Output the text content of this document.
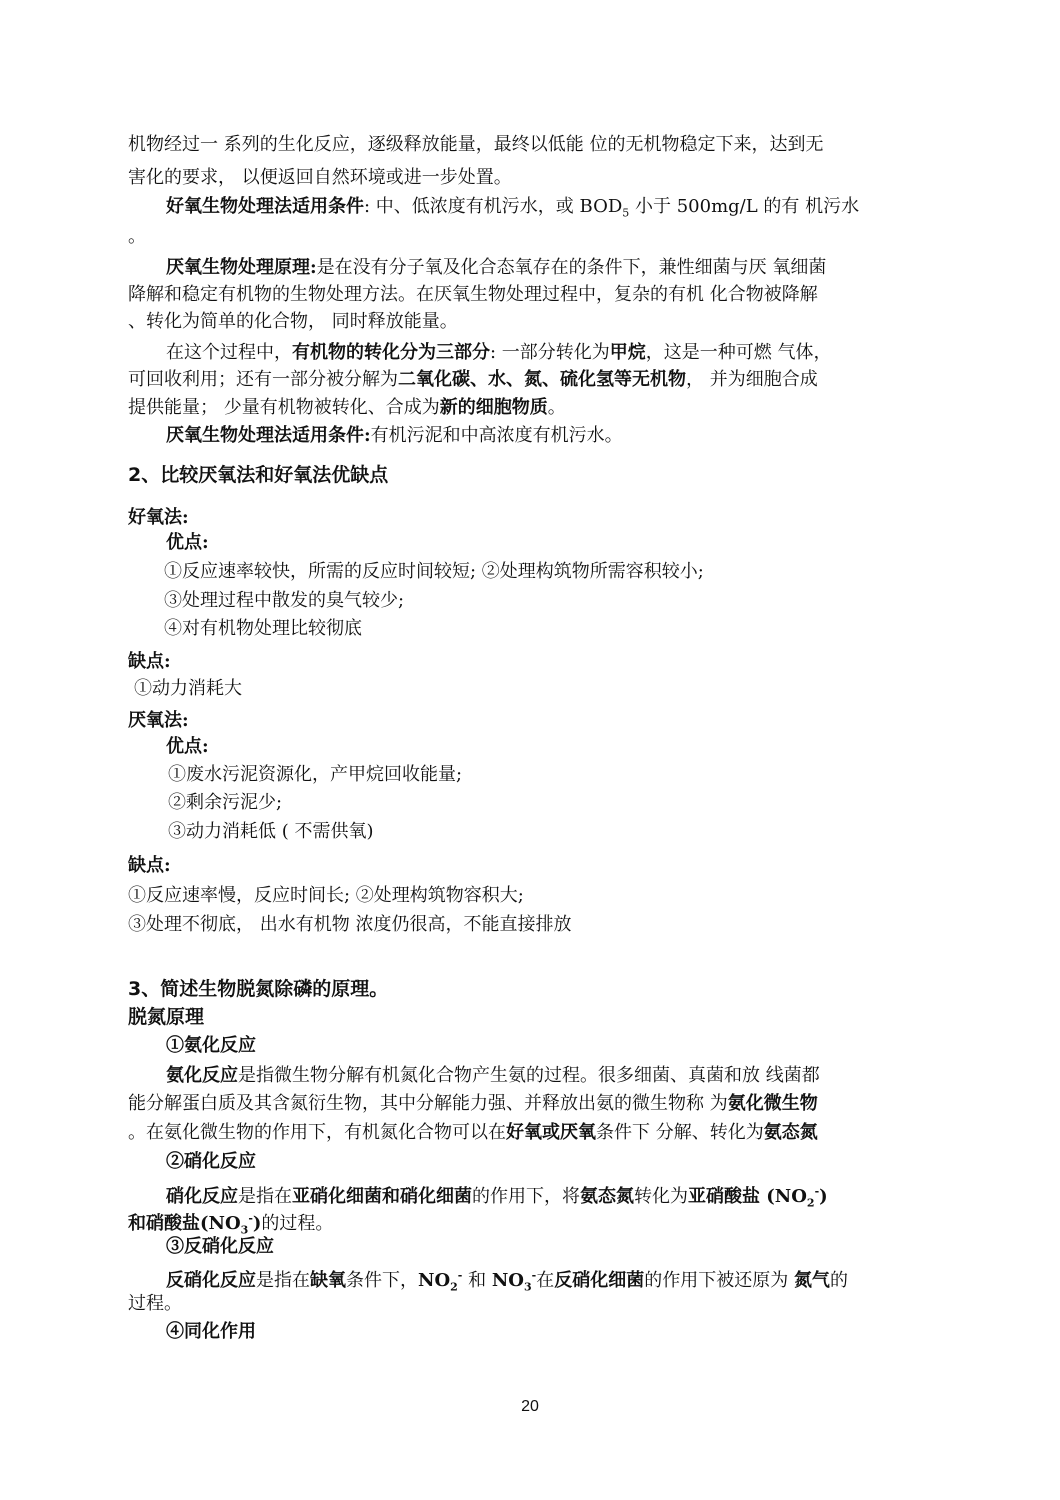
机物经过一 系列的生化反应，逐级释放能量，最终以低能 位的无机物稳定下来，达到无
害化的要求， 以便返回自然环境或进一步处置。
好氧生物处理法适用条件: 中、低浓度有机污水，或 $BOD_5$ 小于 500mg/L 的有 机污水
。
厌氧生物处理原理:是在没有分子氧及化合态氧存在的条件下，兼性细菌与厌 氧细菌
降解和稳定有机物的生物处理方法。在厌氧生物处理过程中，复杂的有机 化合物被降解
、转化为简单的化合物， 同时释放能量。
在这个过程中，有机物的转化分为三部分: 一部分转化为甲烷，这是一种可燃 气体，
可回收利用；还有一部分被分解为二氧化碳、水、氮、硫化氢等无机物， 并为细胞合成
提供能量； 少量有机物被转化、合成为新的细胞物质。
厌氧生物处理法适用条件:有机污泥和中高浓度有机污水。
2、比较厌氧法和好氧法优缺点
好氧法:
优点:
①反应速率较快，所需的反应时间较短; ②处理构筑物所需容积较小;
③处理过程中散发的臭气较少;
④对有机物处理比较彻底
缺点:
①动力消耗大
厌氧法:
优点:
①废水污泥资源化，产甲烷回收能量;
②剩余污泥少;
③动力消耗低 ( 不需供氧)
缺点:
①反应速率慢，反应时间长; ②处理构筑物容积大;
③处理不彻底， 出水有机物 浓度仍很高，不能直接排放
3、简述生物脱氮除磷的原理。
脱氮原理
①氨化反应
氨化反应是指微生物分解有机氮化合物产生氨的过程。很多细菌、真菌和放 线菌都
能分解蛋白质及其含氮衍生物，其中分解能力强、并释放出氨的微生物称 为氨化微生物
。在氨化微生物的作用下，有机氮化合物可以在好氧或厌氧条件下 分解、转化为氨态氮
②硝化反应
硝化反应是指在亚硝化细菌和硝化细菌的作用下，将氨态氮转化为亚硝酸盐 $(NO_2^-)$
和硝酸盐$(NO_3^-)$的过程。
③反硝化反应
反硝化反应是指在缺氧条件下，$NO_2^-$ 和 $NO_3^-$在反硝化细菌的作用下被还原为 氮气的
过程。
④同化作用
20
